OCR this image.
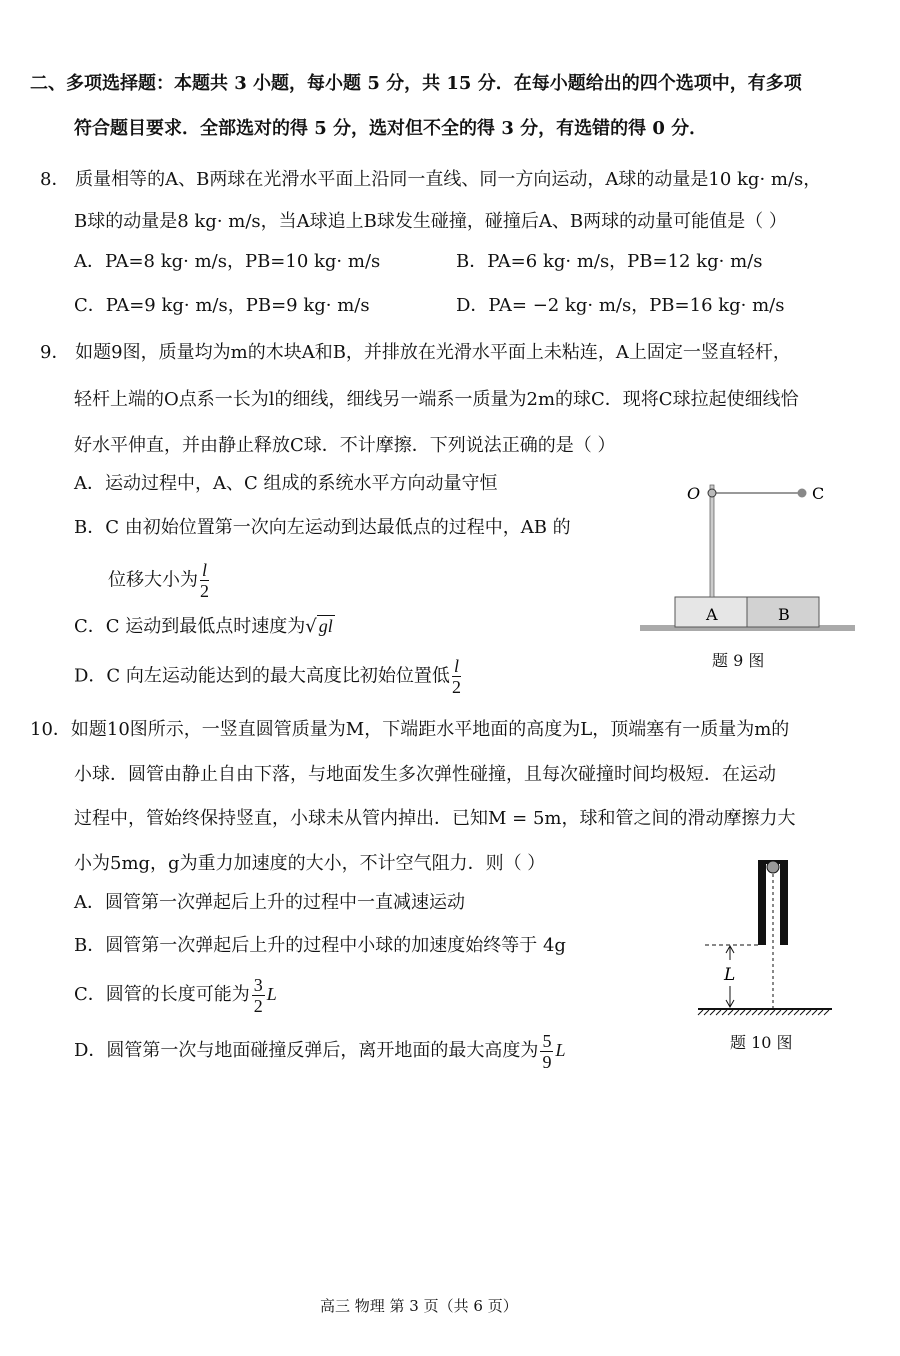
二、多项选择题：本题共 3 小题，每小题 5 分，共 15 分．在每小题给出的四个选项中，有多项
符合题目要求．全部选对的得 5 分，选对但不全的得 3 分，有选错的得 0 分．
8． 质量相等的A、B两球在光滑水平面上沿同一直线、同一方向运动，A球的动量是10 kg· m/s，
B球的动量是8 kg· m/s，当A球追上B球发生碰撞，碰撞后A、B两球的动量可能值是（ ）
A．PA=8 kg· m/s，PB=10 kg· m/s	B．PA=6 kg· m/s，PB=12 kg· m/s
C．PA=9 kg· m/s，PB=9 kg· m/s	D．PA= −2 kg· m/s，PB=16 kg· m/s
9． 如题9图，质量均为m的木块A和B，并排放在光滑水平面上未粘连，A上固定一竖直轻杆，
轻杆上端的O点系一长为l的细线，细线另一端系一质量为2m的球C．现将C球拉起使细线恰
好水平伸直，并由静止释放C球．不计摩擦．下列说法正确的是（ ）
A．运动过程中，A、C 组成的系统水平方向动量守恒
B．C 由初始位置第一次向左运动到达最低点的过程中，AB 的
位移大小为 $\frac{l}{2}$
C．C 运动到最低点时速度为√ gl
D．C 向左运动能达到的最大高度比初始位置低 $\frac{l}{2}$
O	C
A	B
题 9 图
10．如题10图所示，一竖直圆管质量为M，下端距水平地面的高度为L，顶端塞有一质量为m的
小球．圆管由静止自由下落，与地面发生多次弹性碰撞，且每次碰撞时间均极短．在运动
过程中，管始终保持竖直，小球未从管内掉出．已知M = 5m，球和管之间的滑动摩擦力大
小为5mg，g为重力加速度的大小，不计空气阻力．则（ ）
A．圆管第一次弹起后上升的过程中一直减速运动
B．圆管第一次弹起后上升的过程中小球的加速度始终等于 4g
C．圆管的长度可能为 $\frac{3}{2}$ L
D．圆管第一次与地面碰撞反弹后，离开地面的最大高度为 $\frac{5}{9}$ L
L
题 10 图
高三 物理 第 3 页（共 6 页）
